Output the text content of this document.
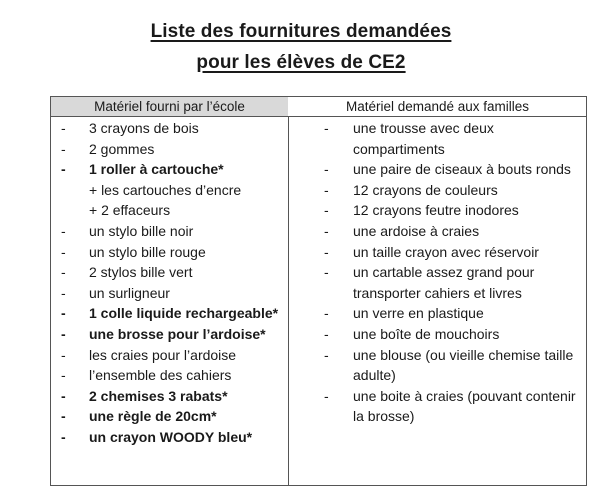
Liste des fournitures demandées
pour les élèves de CE2
Matériel fourni par l’école	Matériel demandé aux familles
- 3 crayons de bois
- 2 gommes
- 1 roller à cartouche*
+ les cartouches d’encre
+ 2 effaceurs
- un stylo bille noir
- un stylo bille rouge
- 2 stylos bille vert
- un surligneur
- 1 colle liquide rechargeable*
- une brosse pour l’ardoise*
- les craies pour l’ardoise
- l’ensemble des cahiers
- 2 chemises 3 rabats*
- une règle de 20cm*
- un crayon WOODY bleu*
- une trousse avec deux compartiments
- une paire de ciseaux à bouts ronds
- 12 crayons de couleurs
- 12 crayons feutre inodores
- une ardoise à craies
- un taille crayon avec réservoir
- un cartable assez grand pour transporter cahiers et livres
- un verre en plastique
- une boîte de mouchoirs
- une blouse (ou vieille chemise taille adulte)
- une boite à craies (pouvant contenir la brosse)
